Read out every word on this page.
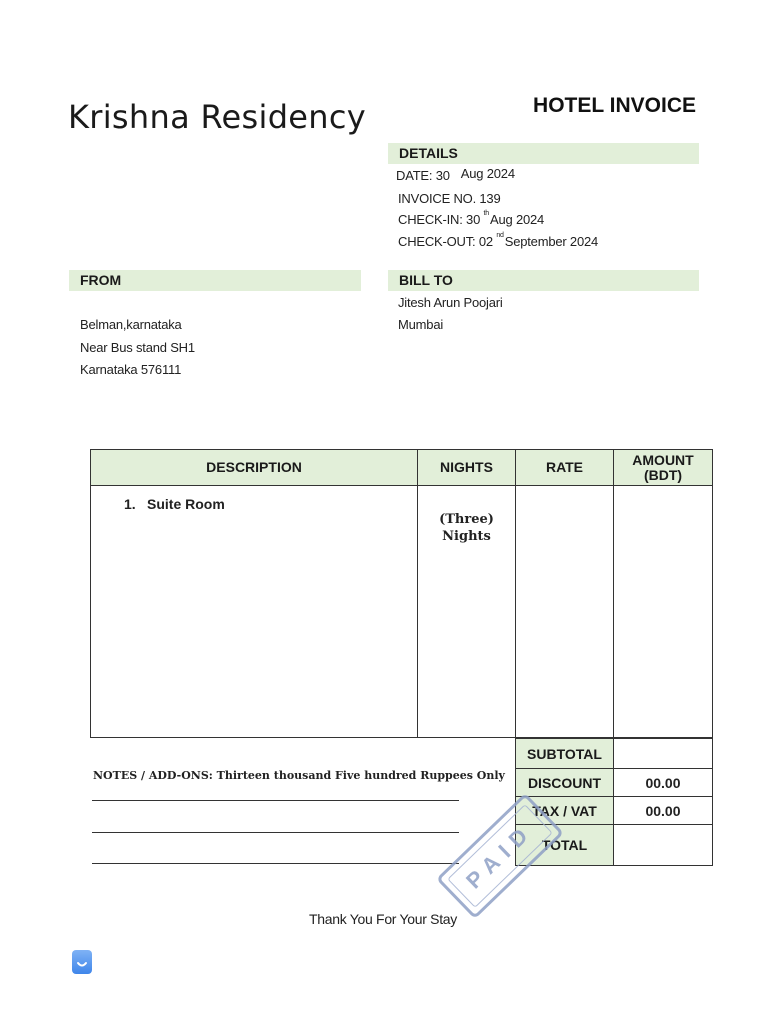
Krishna Residency	HOTEL INVOICE
DETAILS
DATE: 30 Aug 2024
INVOICE NO. 139
CHECK-IN: 30 $^{th}$Aug 2024
CHECK-OUT: 02 $^{nd}$September 2024
FROM
Belman,karnataka
Near Bus stand SH1
Karnataka 576111
BILL TO
Jitesh Arun Poojari
Mumbai
DESCRIPTION	NIGHTS	RATE	AMOUNT
(BDT)

1. Suite Room	(Three)
Nights		

SUBTOTAL	
DISCOUNT	00.00
TAX / VAT	00.00
TOTAL	
NOTES / ADD-ONS: Thirteen thousand Five hundred Ruppees Only
PAID
Thank You For Your Stay
